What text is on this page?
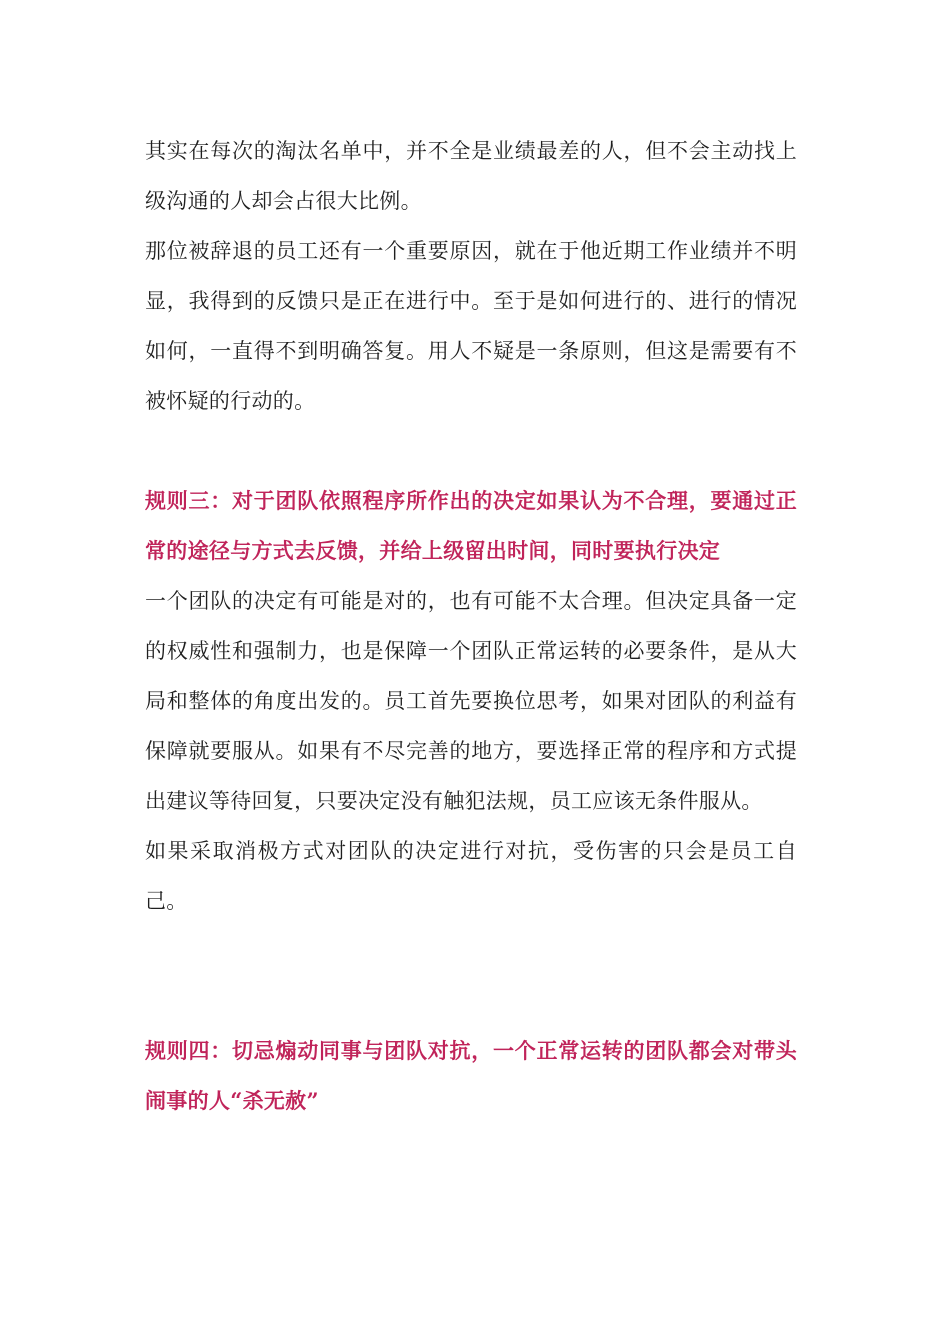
其实在每次的淘汰名单中，并不全是业绩最差的人，但不会主动找上级沟通的人却会占很大比例。

那位被辞退的员工还有一个重要原因，就在于他近期工作业绩并不明显，我得到的反馈只是正在进行中。至于是如何进行的、进行的情况如何，一直得不到明确答复。用人不疑是一条原则，但这是需要有不被怀疑的行动的。

规则三：对于团队依照程序所作出的决定如果认为不合理，要通过正常的途径与方式去反馈，并给上级留出时间，同时要执行决定

一个团队的决定有可能是对的，也有可能不太合理。但决定具备一定的权威性和强制力，也是保障一个团队正常运转的必要条件，是从大局和整体的角度出发的。员工首先要换位思考，如果对团队的利益有保障就要服从。如果有不尽完善的地方，要选择正常的程序和方式提出建议等待回复，只要决定没有触犯法规，员工应该无条件服从。

如果采取消极方式对团队的决定进行对抗，受伤害的只会是员工自己。

规则四：切忌煽动同事与团队对抗，一个正常运转的团队都会对带头闹事的人“杀无赦”
